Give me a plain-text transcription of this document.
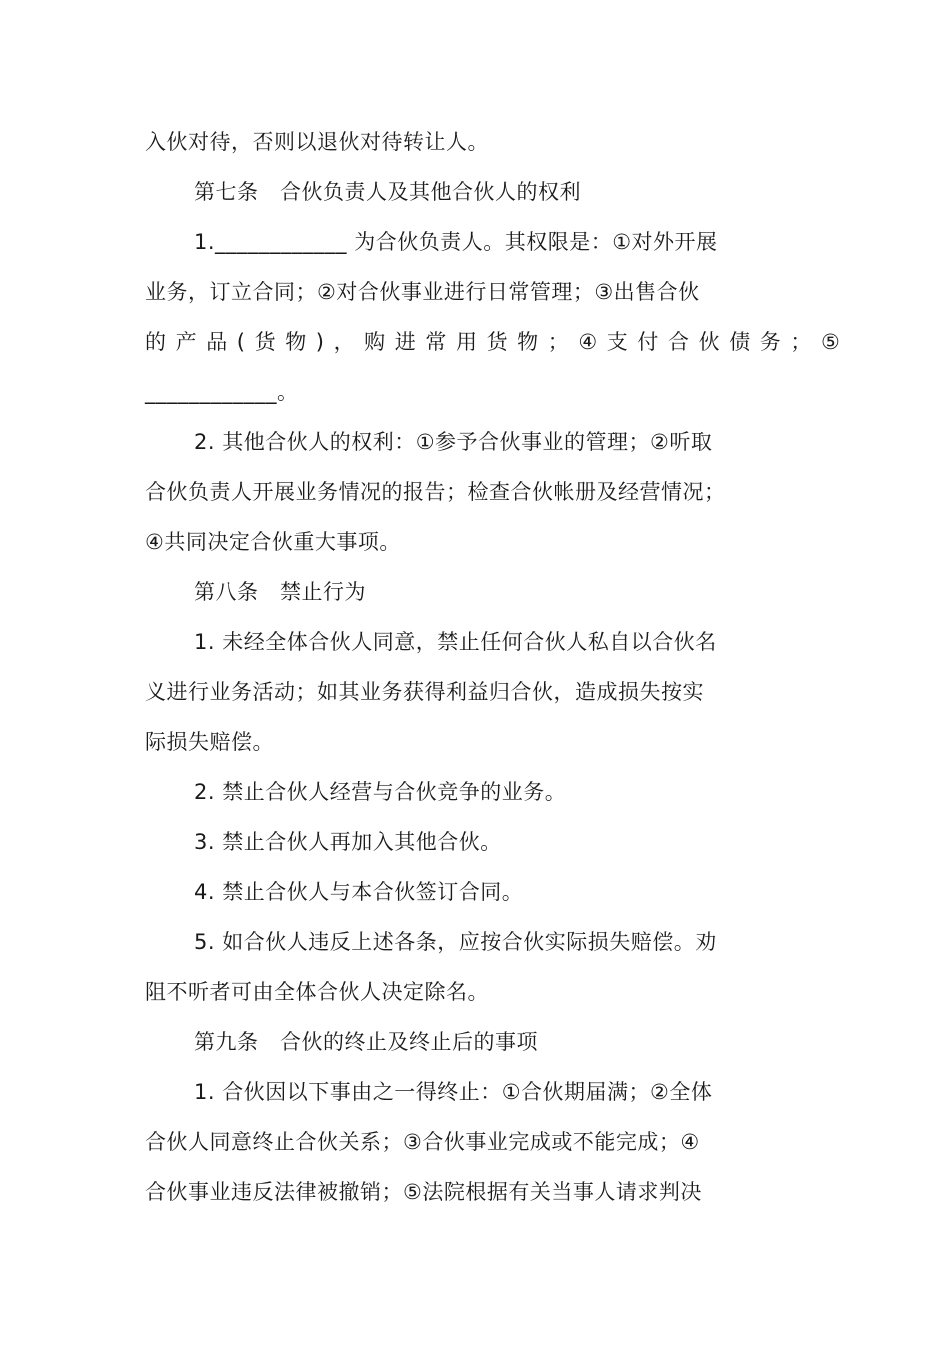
入伙对待，否则以退伙对待转让人。
第七条　合伙负责人及其他合伙人的权利
1.____________ 为合伙负责人。其权限是：①对外开展
业务，订立合同；②对合伙事业进行日常管理；③出售合伙
的产品(货物)，购进常用货物；④支付合伙债务；⑤
____________。
2. 其他合伙人的权利：①参予合伙事业的管理；②听取
合伙负责人开展业务情况的报告；检查合伙帐册及经营情况；
④共同决定合伙重大事项。
第八条　禁止行为
1. 未经全体合伙人同意，禁止任何合伙人私自以合伙名
义进行业务活动；如其业务获得利益归合伙，造成损失按实
际损失赔偿。
2. 禁止合伙人经营与合伙竞争的业务。
3. 禁止合伙人再加入其他合伙。
4. 禁止合伙人与本合伙签订合同。
5. 如合伙人违反上述各条，应按合伙实际损失赔偿。劝
阻不听者可由全体合伙人决定除名。
第九条　合伙的终止及终止后的事项
1. 合伙因以下事由之一得终止：①合伙期届满；②全体
合伙人同意终止合伙关系；③合伙事业完成或不能完成；④
合伙事业违反法律被撤销；⑤法院根据有关当事人请求判决
